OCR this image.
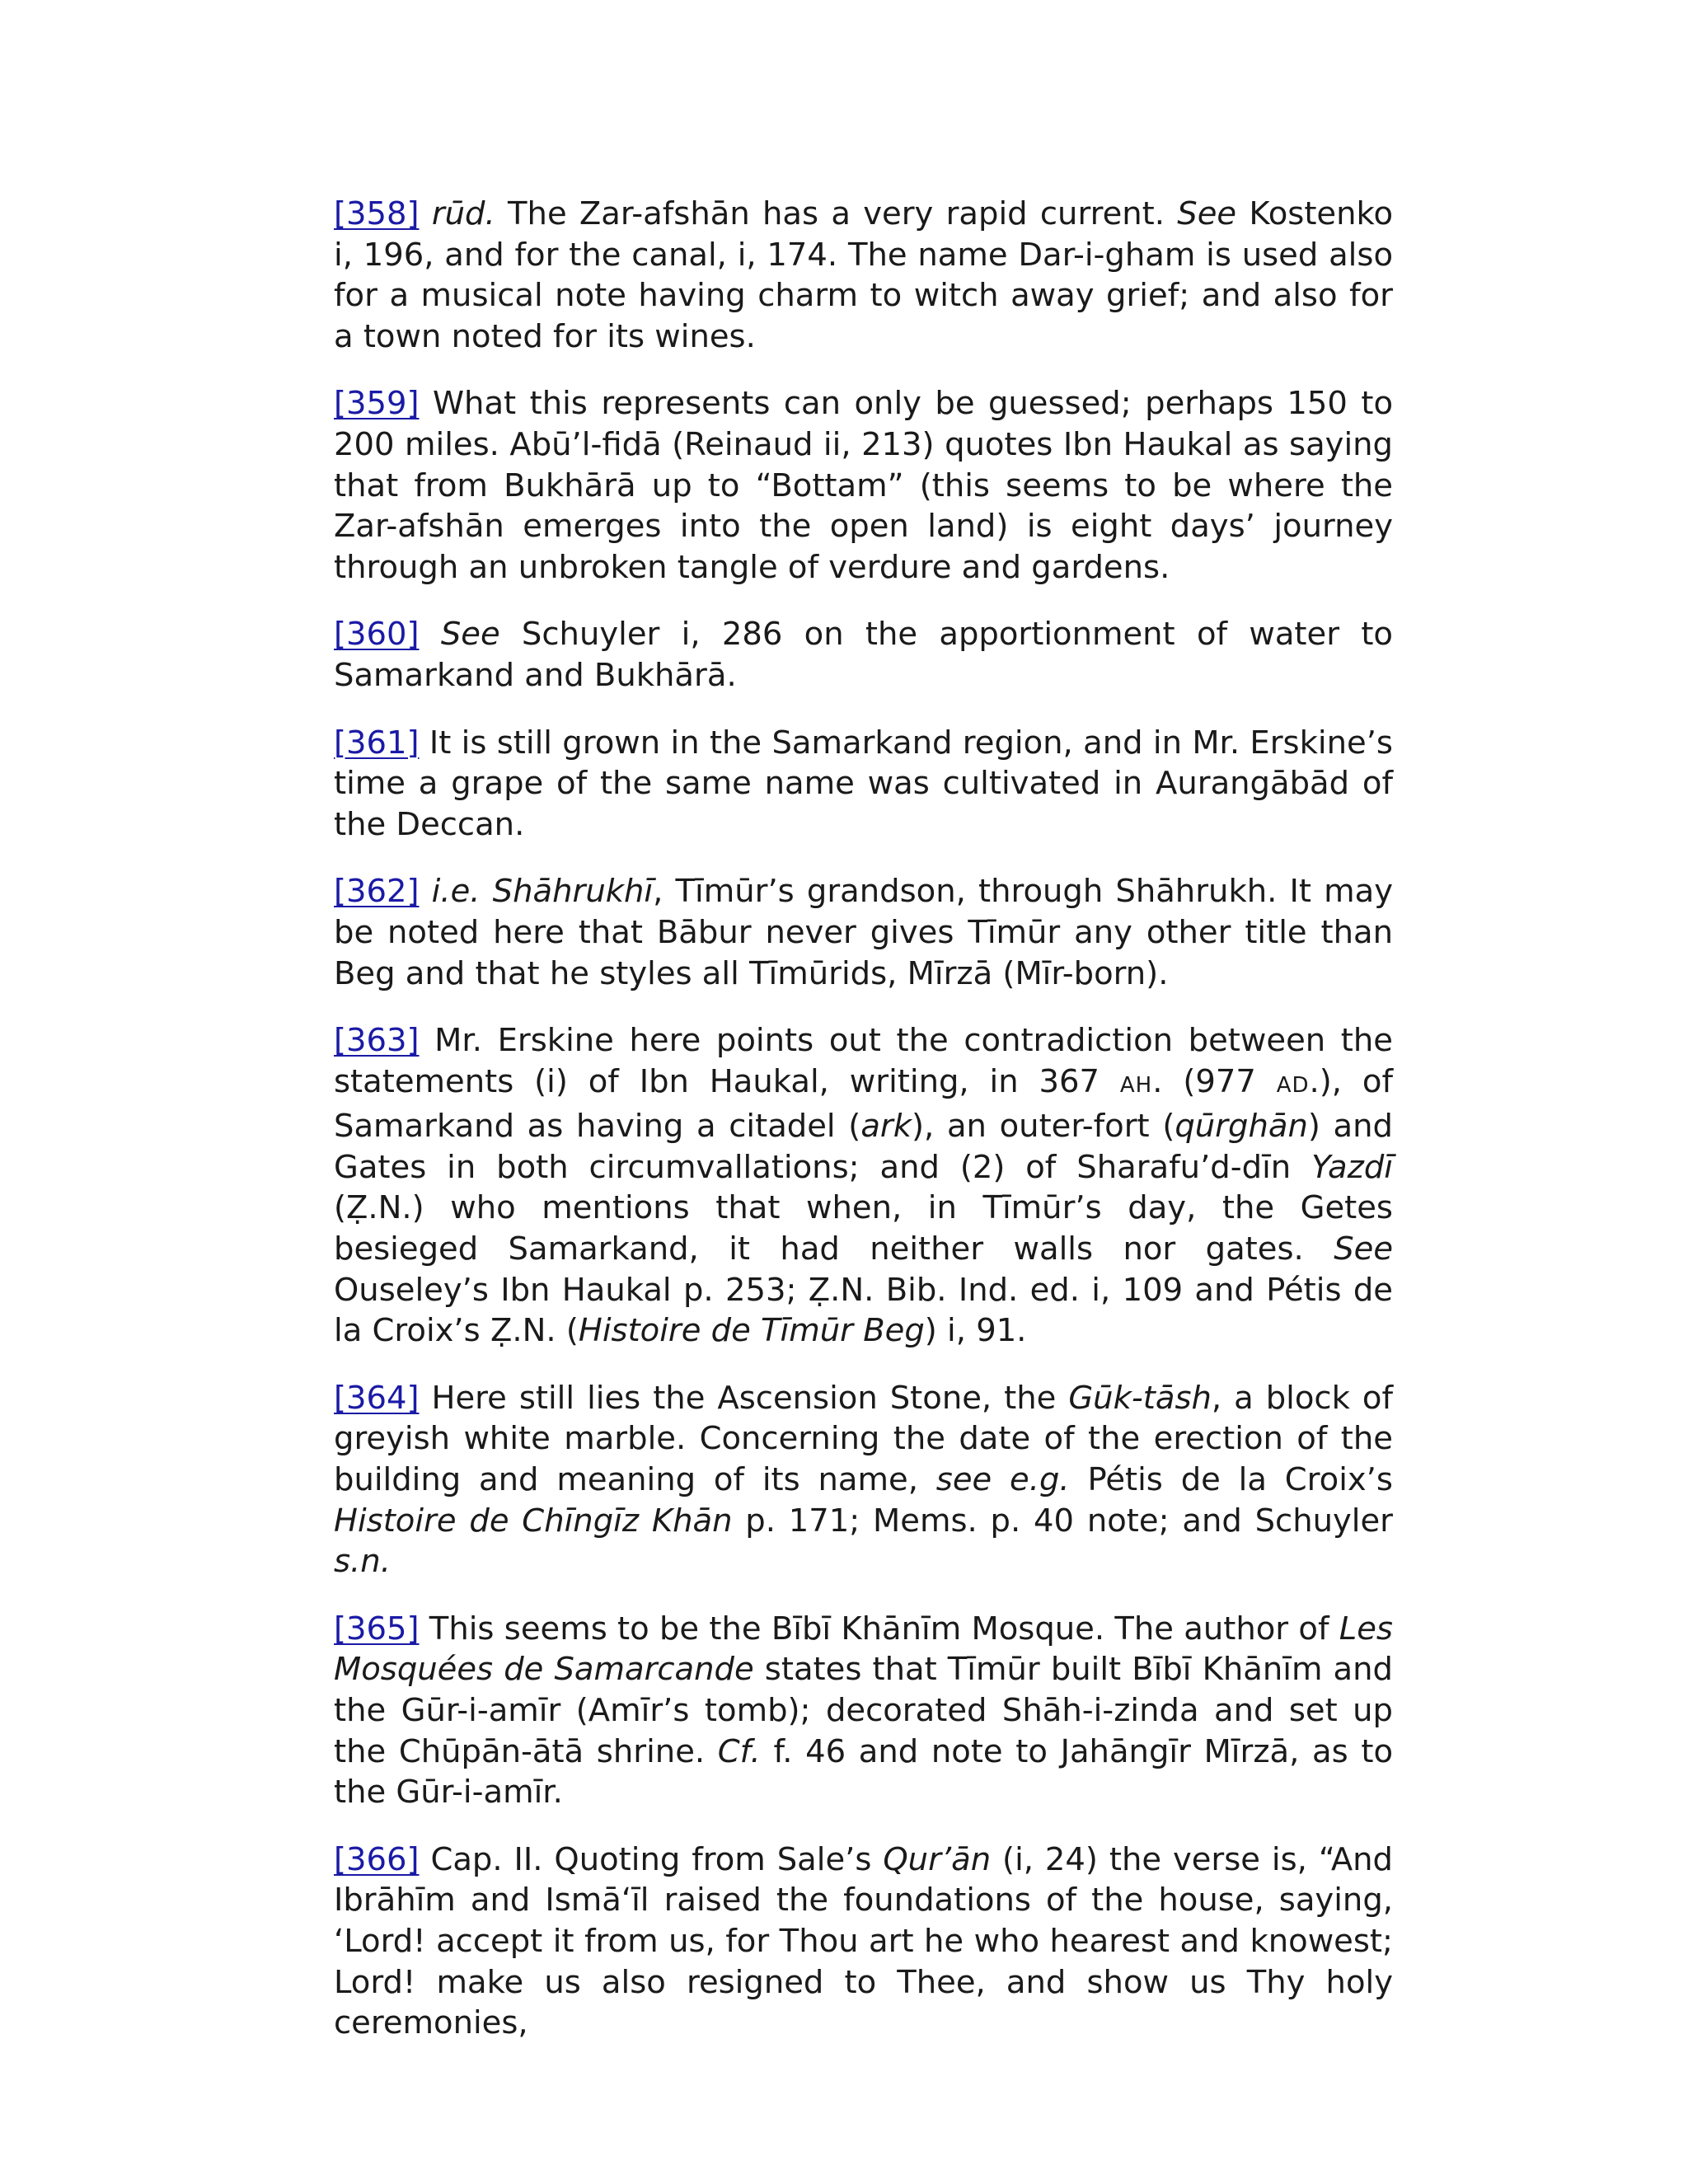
[358] rūd. The Zar-afshān has a very rapid current. See Kostenko i, 196, and for the canal, i, 174. The name Dar-i-gham is used also for a musical note having charm to witch away grief; and also for a town noted for its wines.

[359] What this represents can only be guessed; perhaps 150 to 200 miles. Abū’l-fidā (Reinaud ii, 213) quotes Ibn Haukal as saying that from Bukhārā up to “Bottam” (this seems to be where the Zar-afshān emerges into the open land) is eight days’ journey through an unbroken tangle of verdure and gardens.

[360] See Schuyler i, 286 on the apportionment of water to Samarkand and Bukhārā.

[361] It is still grown in the Samarkand region, and in Mr. Erskine’s time a grape of the same name was cultivated in Aurangābād of the Deccan.

[362] i.e. Shāhrukhī, Tīmūr’s grandson, through Shāhrukh. It may be noted here that Bābur never gives Tīmūr any other title than Beg and that he styles all Tīmūrids, Mīrzā (Mīr-born).

[363] Mr. Erskine here points out the contradiction between the statements (i) of Ibn Haukal, writing, in 367 AH. (977 AD.), of Samarkand as having a citadel (ark), an outer-fort (qūrghān) and Gates in both circumvallations; and (2) of Sharafu’d-dīn Yazdī (Ẓ.N.) who mentions that when, in Tīmūr’s day, the Getes besieged Samarkand, it had neither walls nor gates. See Ouseley’s Ibn Haukal p. 253; Ẓ.N. Bib. Ind. ed. i, 109 and Pétis de la Croix’s Ẓ.N. (Histoire de Tīmūr Beg) i, 91.

[364] Here still lies the Ascension Stone, the Gūk-tāsh, a block of greyish white marble. Concerning the date of the erection of the building and meaning of its name, see e.g. Pétis de la Croix’s Histoire de Chīngīz Khān p. 171; Mems. p. 40 note; and Schuyler s.n.

[365] This seems to be the Bībī Khānīm Mosque. The author of Les Mosquées de Samarcande states that Tīmūr built Bībī Khānīm and the Gūr-i-amīr (Amīr’s tomb); decorated Shāh-i-zinda and set up the Chūpān-ātā shrine. Cf. f. 46 and note to Jahāngīr Mīrzā, as to the Gūr-i-amīr.

[366] Cap. II. Quoting from Sale’s Qur’ān (i, 24) the verse is, “And Ibrāhīm and Ismā‘īl raised the foundations of the house, saying, ‘Lord! accept it from us, for Thou art he who hearest and knowest; Lord! make us also resigned to Thee, and show us Thy holy ceremonies,
